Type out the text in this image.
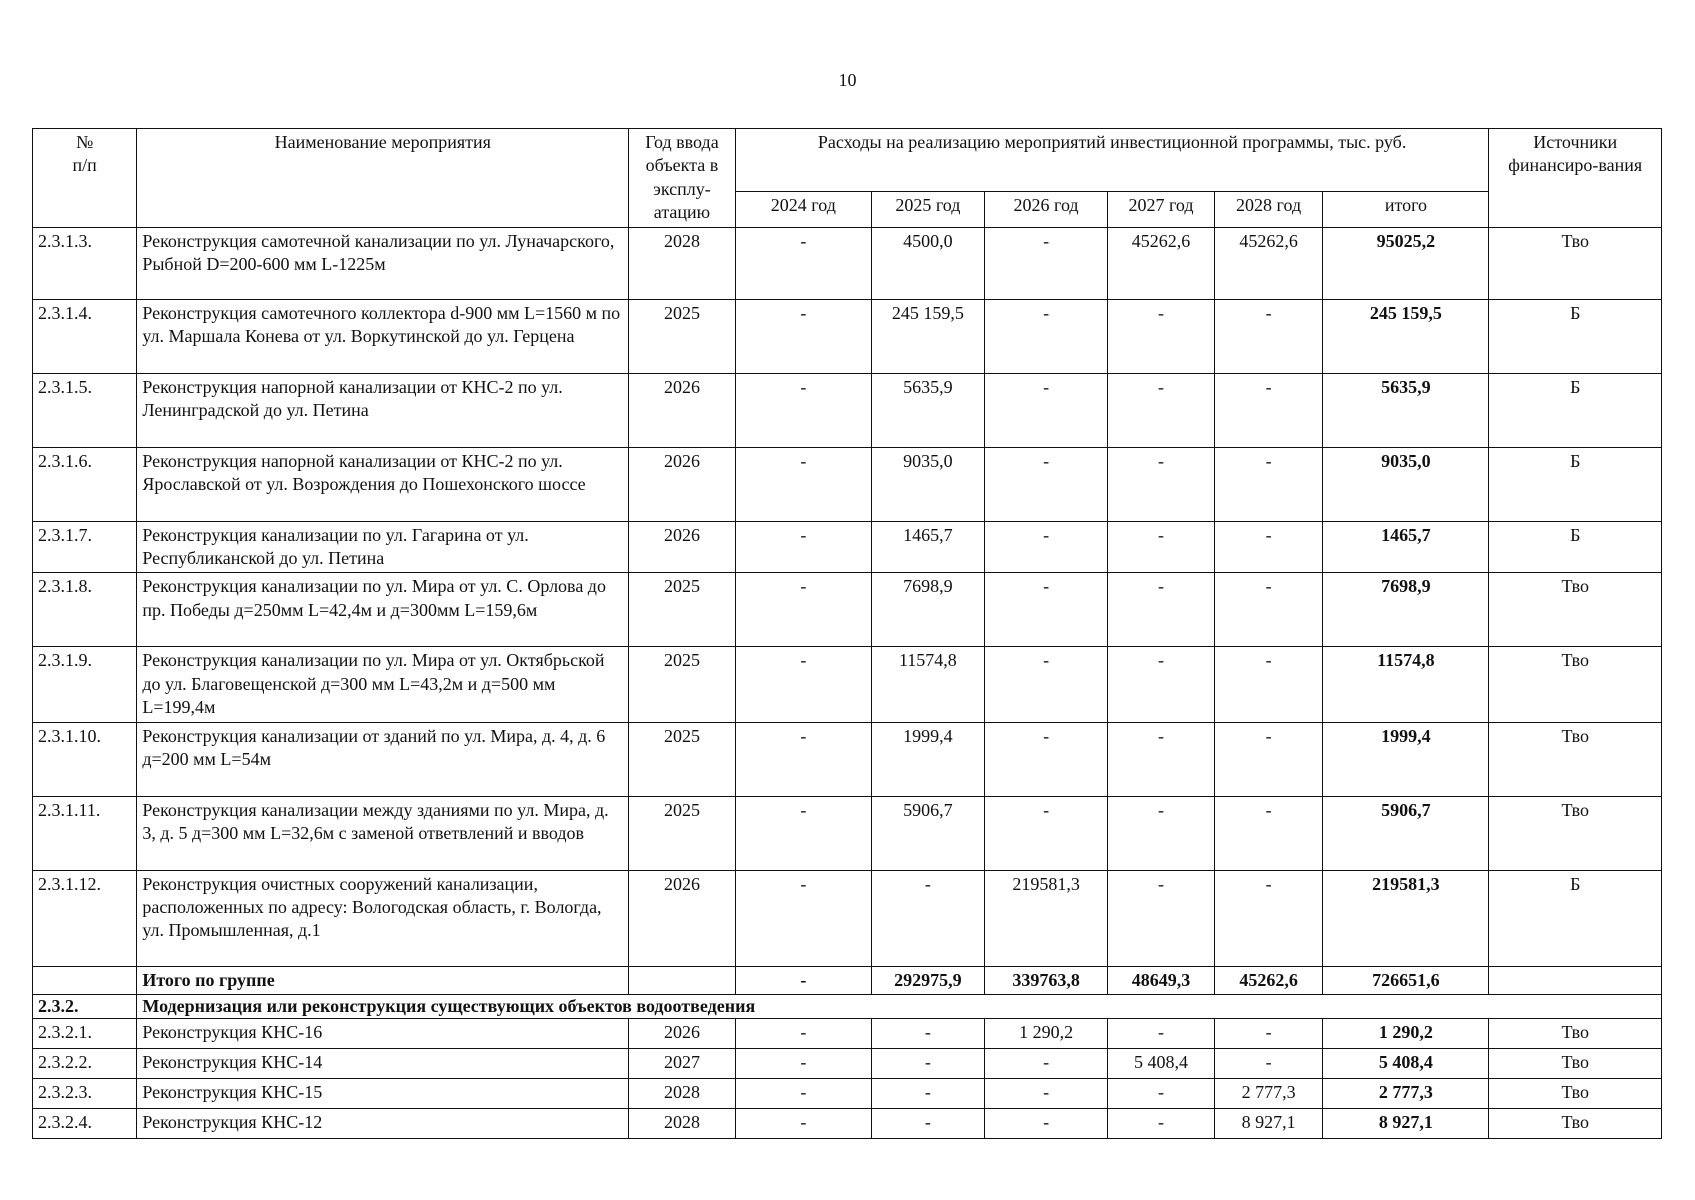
10
№
п/п	Наименование мероприятия	Год ввода объекта в эксплу-атацию	Расходы на реализацию мероприятий инвестиционной программы, тыс. руб.						Источники финансиро-вания
			2024 год	2025 год	2026 год	2027 год	2028 год	итого	
2.3.1.3.	Реконструкция самотечной канализации по ул. Луначарского, Рыбной D=200-600 мм L-1225м	2028	-	4500,0	-	45262,6	45262,6	95025,2	Тво
2.3.1.4.	Реконструкция самотечного коллектора d-900 мм L=1560 м по ул. Маршала Конева от ул. Воркутинской до ул. Герцена	2025	-	245 159,5	-	-	-	245 159,5	Б
2.3.1.5.	Реконструкция напорной канализации от КНС-2 по ул. Ленинградской до ул. Петина	2026	-	5635,9	-	-	-	5635,9	Б
2.3.1.6.	Реконструкция напорной канализации от КНС-2 по ул. Ярославской от ул. Возрождения до Пошехонского шоссе	2026	-	9035,0	-	-	-	9035,0	Б
2.3.1.7.	Реконструкция канализации по ул. Гагарина от ул. Республиканской до ул. Петина	2026	-	1465,7	-	-	-	1465,7	Б
2.3.1.8.	Реконструкция канализации по ул. Мира от ул. С. Орлова до пр. Победы д=250мм L=42,4м и д=300мм L=159,6м	2025	-	7698,9	-	-	-	7698,9	Тво
2.3.1.9.	Реконструкция канализации по ул. Мира от ул. Октябрьской до ул. Благовещенской д=300 мм L=43,2м и д=500 мм L=199,4м	2025	-	11574,8	-	-	-	11574,8	Тво
2.3.1.10.	Реконструкция канализации от зданий по ул. Мира, д. 4, д. 6 д=200 мм L=54м	2025	-	1999,4	-	-	-	1999,4	Тво
2.3.1.11.	Реконструкция канализации между зданиями по ул. Мира, д. 3, д. 5 д=300 мм L=32,6м с заменой ответвлений и вводов	2025	-	5906,7	-	-	-	5906,7	Тво
2.3.1.12.	Реконструкция очистных сооружений канализации, расположенных по адресу: Вологодская область, г. Вологда, ул. Промышленная, д.1	2026	-	-	219581,3	-	-	219581,3	Б
	Итого по группе		-	292975,9	339763,8	48649,3	45262,6	726651,6	
2.3.2.	Модернизация или реконструкция существующих объектов водоотведения								
2.3.2.1.	Реконструкция КНС-16	2026	-	-	1 290,2	-	-	1 290,2	Тво
2.3.2.2.	Реконструкция КНС-14	2027	-	-	-	5 408,4	-	5 408,4	Тво
2.3.2.3.	Реконструкция КНС-15	2028	-	-	-	-	2 777,3	2 777,3	Тво
2.3.2.4.	Реконструкция КНС-12	2028	-	-	-	-	8 927,1	8 927,1	Тво
